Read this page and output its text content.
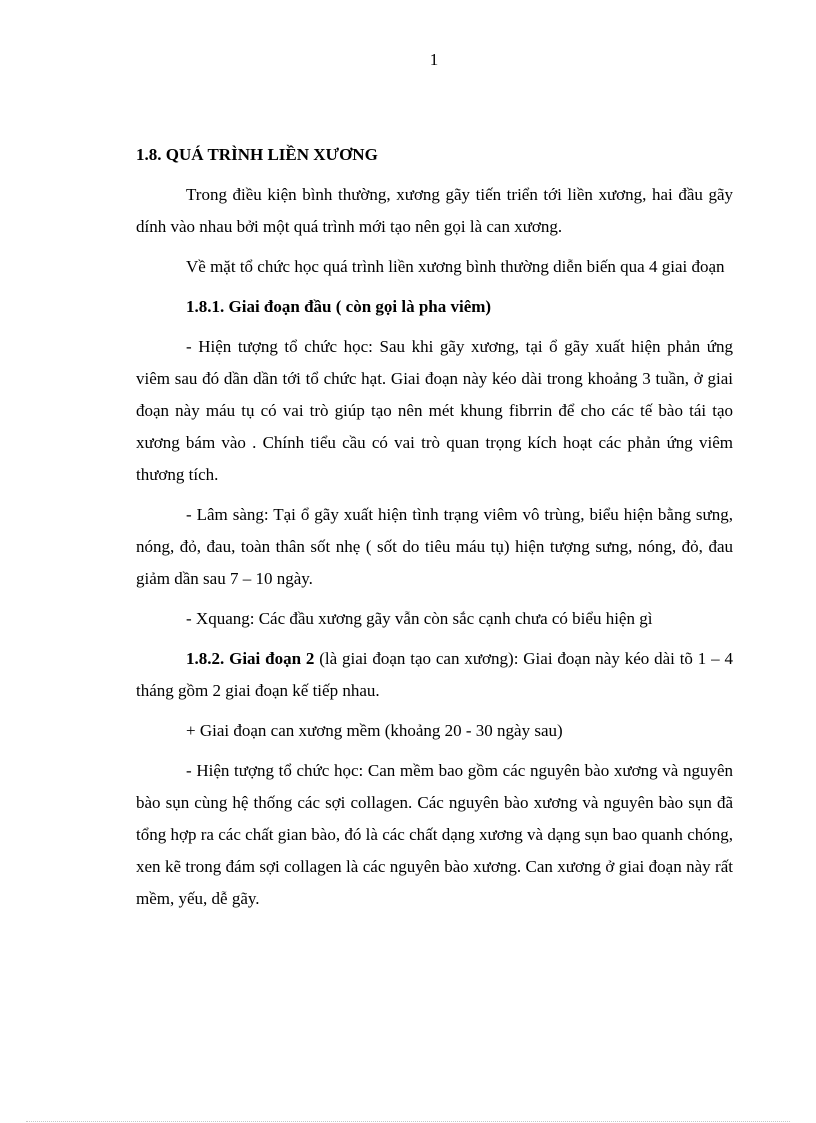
1
1.8. QUÁ TRÌNH LIỀN XƯƠNG

Trong điều kiện bình thường, xương gãy tiến triển tới liền xương, hai đầu gãy dính vào nhau bởi một quá trình mới tạo nên gọi là can xương.

Về mặt tổ chức học quá trình liền xương bình thường diễn biến qua 4 giai đoạn

1.8.1. Giai đoạn đầu ( còn gọi là pha viêm)

- Hiện tượng tổ chức học: Sau khi gãy xương, tại ổ gãy xuất hiện phản ứng viêm sau đó dần dần tới tổ chức hạt. Giai đoạn này kéo dài trong khoảng 3 tuần, ở giai đoạn này máu tụ có vai trò giúp tạo nên mét khung fibrrin để cho các tế bào tái tạo xương bám vào . Chính tiểu cầu có vai trò quan trọng kích hoạt các phản ứng viêm thương tích.

- Lâm sàng: Tại ổ gãy xuất hiện tình trạng viêm vô trùng, biểu hiện bằng sưng, nóng, đỏ, đau, toàn thân sốt nhẹ ( sốt do tiêu máu tụ) hiện tượng sưng, nóng, đỏ, đau giảm dần sau 7 – 10 ngày.

- Xquang: Các đầu xương gãy vẫn còn sắc cạnh chưa có biểu hiện gì

1.8.2. Giai đoạn 2 (là giai đoạn tạo can xương): Giai đoạn này kéo dài tõ 1 – 4 tháng gồm 2 giai đoạn kế tiếp nhau.

+ Giai đoạn can xương mềm (khoảng 20 - 30 ngày sau)

- Hiện tượng tổ chức học: Can mềm bao gồm các nguyên bào xương và nguyên bào sụn cùng hệ thống các sợi collagen. Các nguyên bào xương và nguyên bào sụn đã tổng hợp ra các chất gian bào, đó là các chất dạng xương và dạng sụn bao quanh chóng, xen kẽ trong đám sợi collagen là các nguyên bào xương. Can xương ở giai đoạn này rất mềm, yếu, dễ gãy.
